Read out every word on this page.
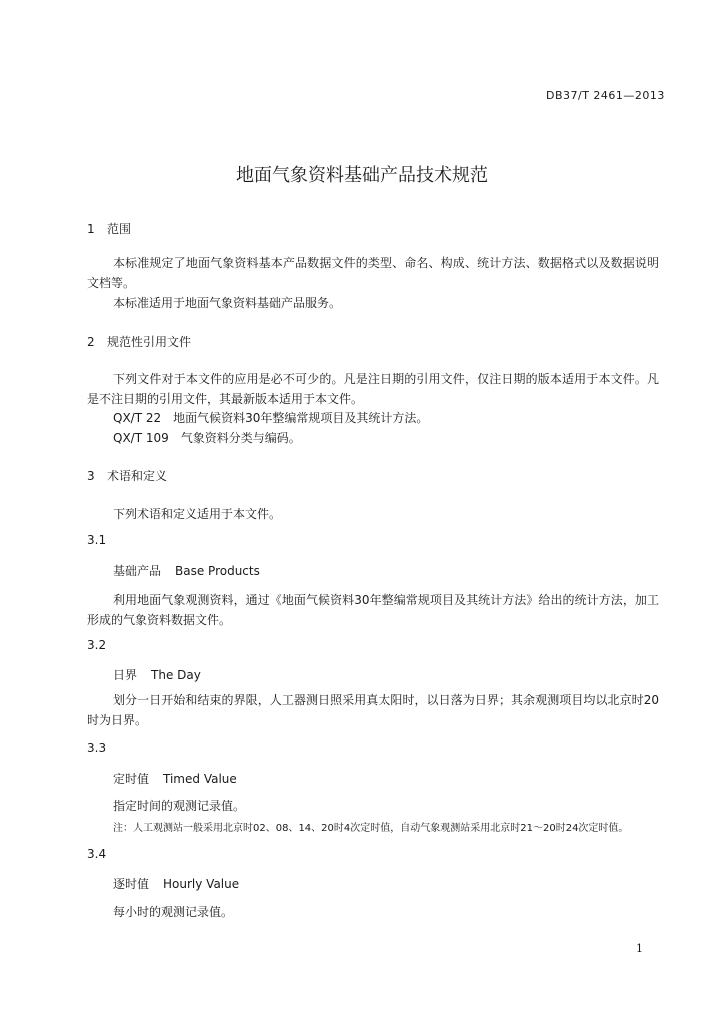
DB37/T 2461—2013
地面气象资料基础产品技术规范
1 范围
本标准规定了地面气象资料基本产品数据文件的类型、命名、构成、统计方法、数据格式以及数据说明文档等。
本标准适用于地面气象资料基础产品服务。
2 规范性引用文件
下列文件对于本文件的应用是必不可少的。凡是注日期的引用文件，仅注日期的版本适用于本文件。凡是不注日期的引用文件，其最新版本适用于本文件。
QX/T 22　地面气候资料30年整编常规项目及其统计方法。
QX/T 109　气象资料分类与编码。
3 术语和定义
下列术语和定义适用于本文件。
3.1
基础产品 Base Products
利用地面气象观测资料，通过《地面气候资料30年整编常规项目及其统计方法》给出的统计方法，加工形成的气象资料数据文件。
3.2
日界 The Day
划分一日开始和结束的界限，人工器测日照采用真太阳时，以日落为日界；其余观测项目均以北京时20时为日界。
3.3
定时值 Timed Value
指定时间的观测记录值。
注：人工观测站一般采用北京时02、08、14、20时4次定时值，自动气象观测站采用北京时21～20时24次定时值。
3.4
逐时值 Hourly Value
每小时的观测记录值。
1
